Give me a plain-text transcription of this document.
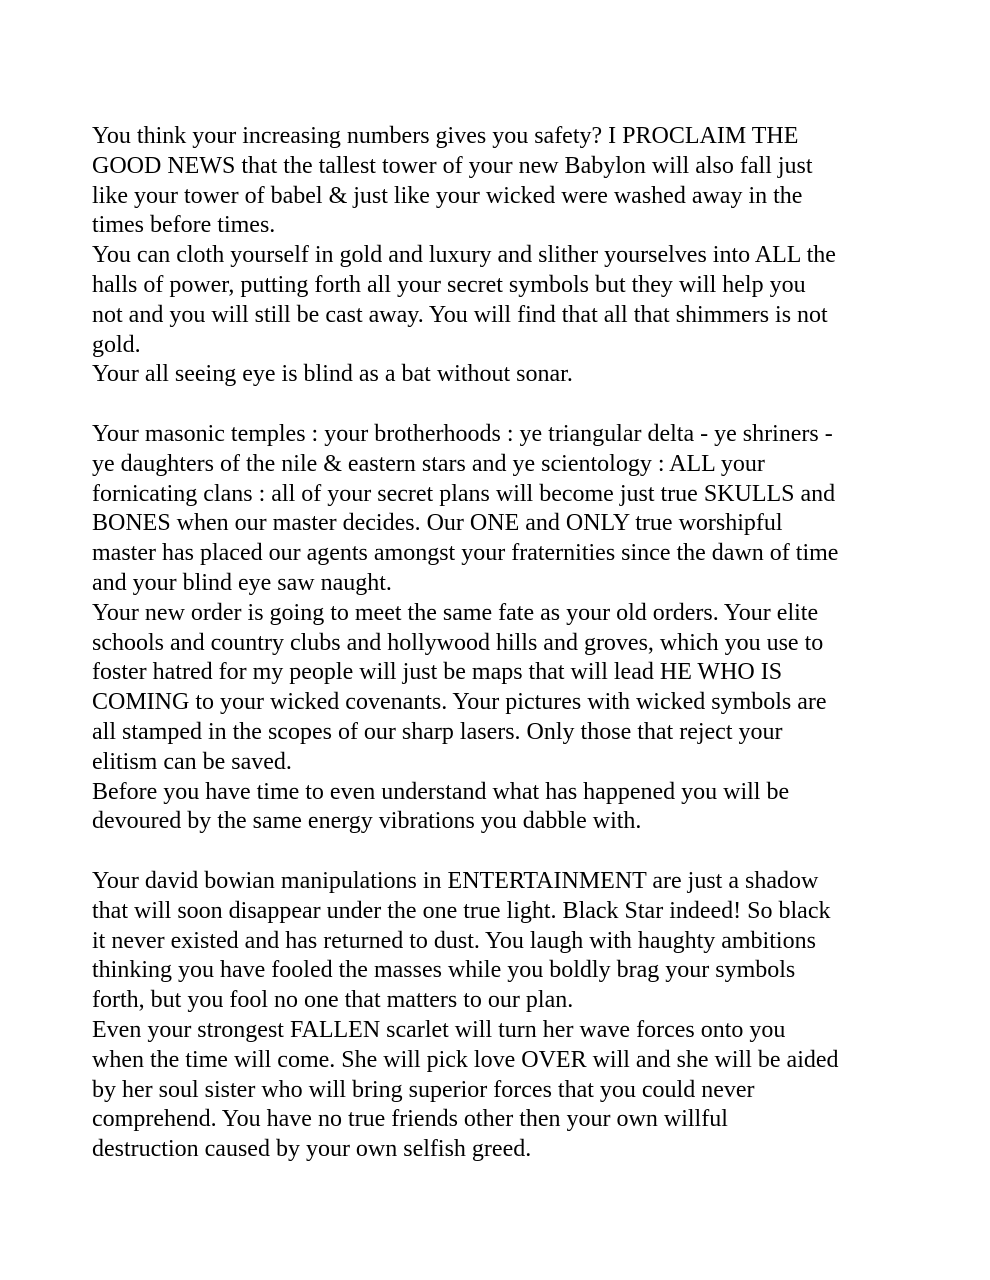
You think your increasing numbers gives you safety? I PROCLAIM THE
GOOD NEWS that the tallest tower of your new Babylon will also fall just
like your tower of babel & just like your wicked were washed away in the
times before times.
You can cloth yourself in gold and luxury and slither yourselves into ALL the
halls of power, putting forth all your secret symbols but they will help you
not and you will still be cast away. You will find that all that shimmers is not
gold.
Your all seeing eye is blind as a bat without sonar.
Your masonic temples : your brotherhoods : ye triangular delta - ye shriners -
ye daughters of the nile & eastern stars and ye scientology : ALL your
fornicating clans : all of your secret plans will become just true SKULLS and
BONES when our master decides. Our ONE and ONLY true worshipful
master has placed our agents amongst your fraternities since the dawn of time
and your blind eye saw naught.
Your new order is going to meet the same fate as your old orders. Your elite
schools and country clubs and hollywood hills and groves, which you use to
foster hatred for my people will just be maps that will lead HE WHO IS
COMING to your wicked covenants. Your pictures with wicked symbols are
all stamped in the scopes of our sharp lasers. Only those that reject your
elitism can be saved.
Before you have time to even understand what has happened you will be
devoured by the same energy vibrations you dabble with.
Your david bowian manipulations in ENTERTAINMENT are just a shadow
that will soon disappear under the one true light. Black Star indeed! So black
it never existed and has returned to dust. You laugh with haughty ambitions
thinking you have fooled the masses while you boldly brag your symbols
forth, but you fool no one that matters to our plan.
Even your strongest FALLEN scarlet will turn her wave forces onto you
when the time will come. She will pick love OVER will and she will be aided
by her soul sister who will bring superior forces that you could never
comprehend. You have no true friends other then your own willful
destruction caused by your own selfish greed.
